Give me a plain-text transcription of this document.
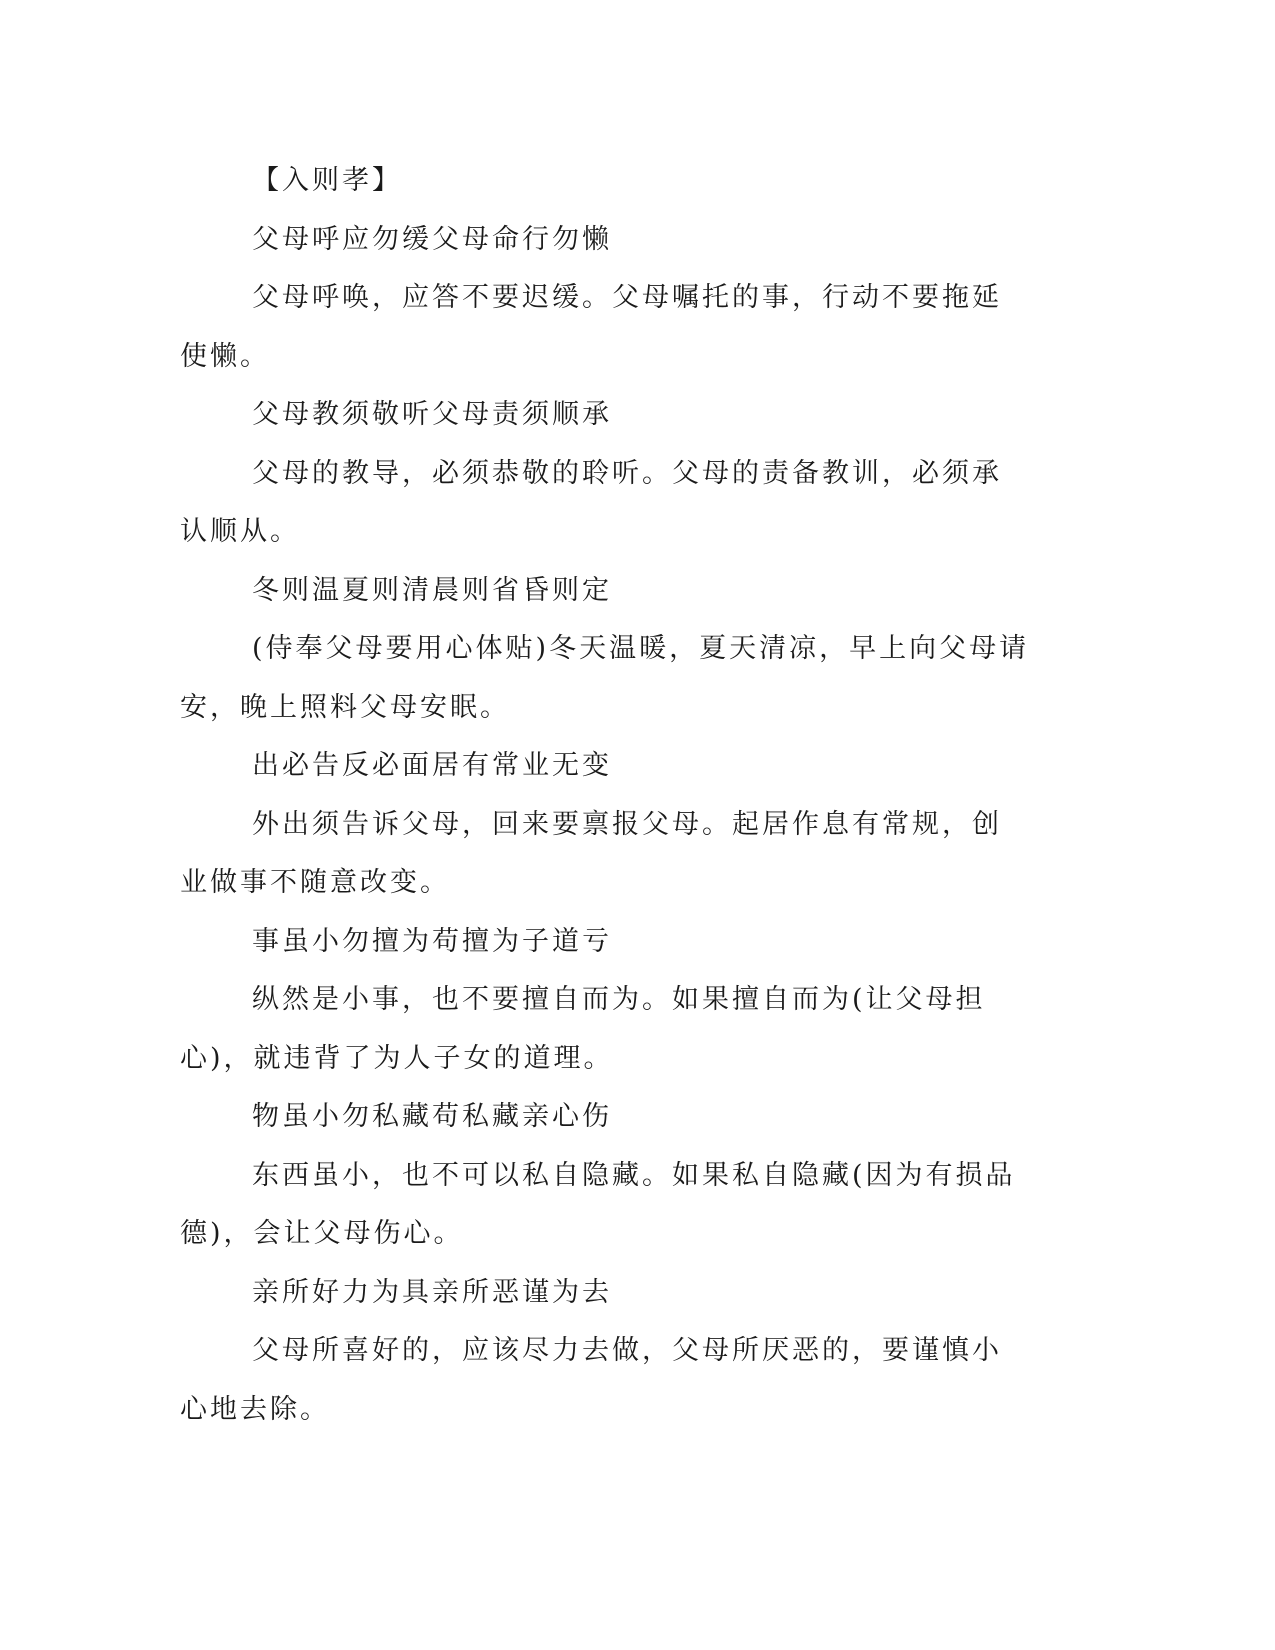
【入则孝】

父母呼应勿缓父母命行勿懒

父母呼唤，应答不要迟缓。父母嘱托的事，行动不要拖延使懒。

父母教须敬听父母责须顺承

父母的教导，必须恭敬的聆听。父母的责备教训，必须承认顺从。

冬则温夏则清晨则省昏则定

(侍奉父母要用心体贴)冬天温暖，夏天清凉，早上向父母请安，晚上照料父母安眠。

出必告反必面居有常业无变

外出须告诉父母，回来要禀报父母。起居作息有常规，创业做事不随意改变。

事虽小勿擅为苟擅为子道亏

纵然是小事，也不要擅自而为。如果擅自而为(让父母担心)，就违背了为人子女的道理。

物虽小勿私藏苟私藏亲心伤

东西虽小，也不可以私自隐藏。如果私自隐藏(因为有损品德)，会让父母伤心。

亲所好力为具亲所恶谨为去

父母所喜好的，应该尽力去做，父母所厌恶的，要谨慎小心地去除。
